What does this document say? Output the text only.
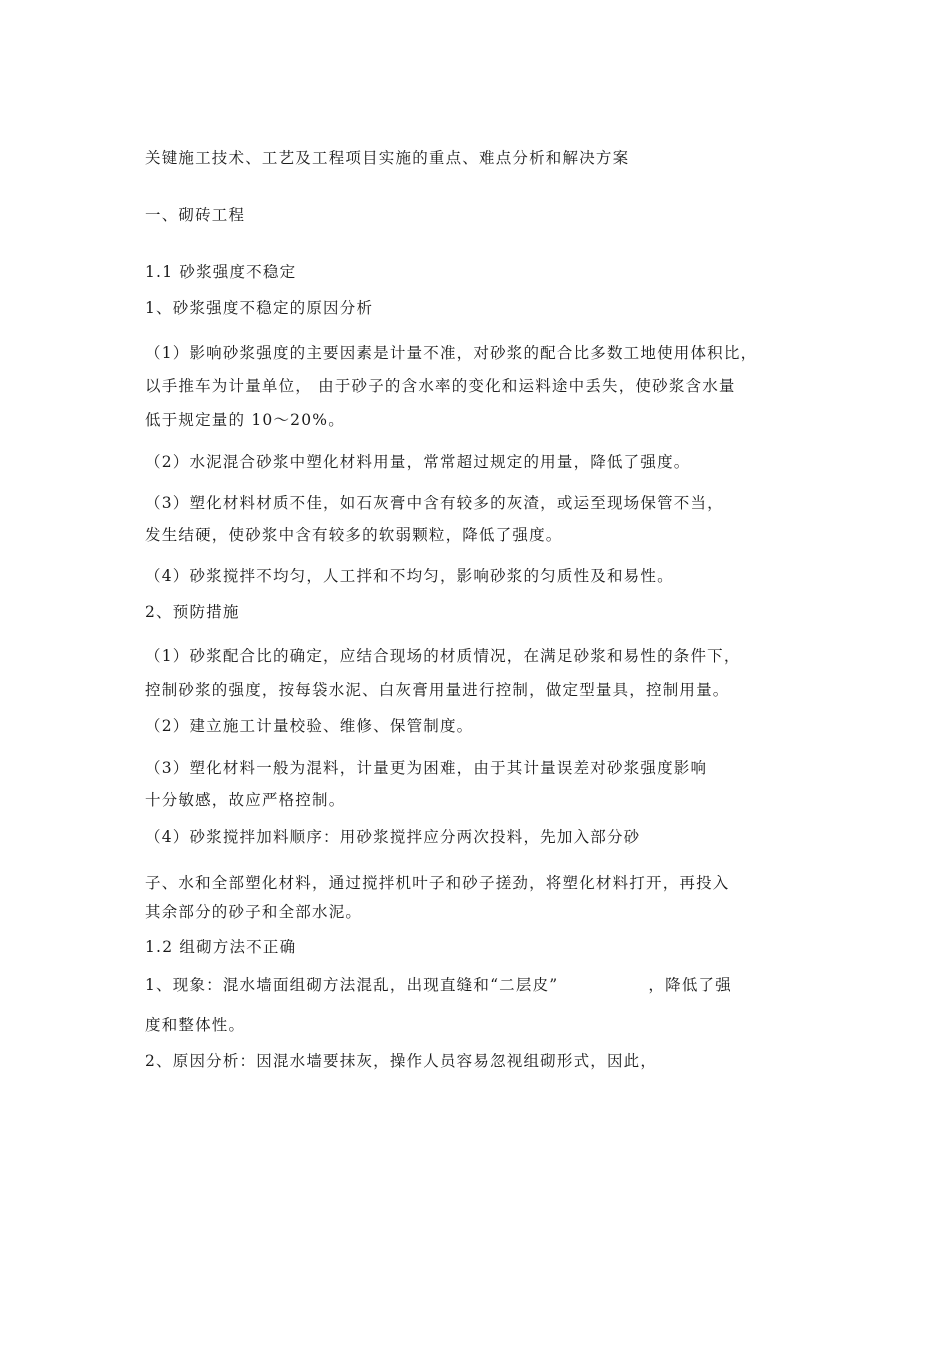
关键施工技术、工艺及工程项目实施的重点、难点分析和解决方案
一、砌砖工程
1.1 砂浆强度不稳定
1、砂浆强度不稳定的原因分析
（1）影响砂浆强度的主要因素是计量不准，对砂浆的配合比多数工地使用体积比，
以手推车为计量单位， 由于砂子的含水率的变化和运料途中丢失，使砂浆含水量
低于规定量的 10～20%。
（2）水泥混合砂浆中塑化材料用量，常常超过规定的用量，降低了强度。
（3）塑化材料材质不佳，如石灰膏中含有较多的灰渣，或运至现场保管不当，
发生结硬，使砂浆中含有较多的软弱颗粒，降低了强度。
（4）砂浆搅拌不均匀，人工拌和不均匀，影响砂浆的匀质性及和易性。
2、预防措施
（1）砂浆配合比的确定，应结合现场的材质情况，在满足砂浆和易性的条件下，
控制砂浆的强度，按每袋水泥、白灰膏用量进行控制，做定型量具，控制用量。
（2）建立施工计量校验、维修、保管制度。
（3）塑化材料一般为混料，计量更为困难，由于其计量误差对砂浆强度影响
十分敏感，故应严格控制。
（4）砂浆搅拌加料顺序：用砂浆搅拌应分两次投料，先加入部分砂
子、水和全部塑化材料，通过搅拌机叶子和砂子搓劲，将塑化材料打开，再投入
其余部分的砂子和全部水泥。
1.2 组砌方法不正确
1、现象：混水墙面组砌方法混乱，出现直缝和“二层皮”	，降低了强
度和整体性。
2、原因分析：因混水墙要抹灰，操作人员容易忽视组砌形式，因此，
